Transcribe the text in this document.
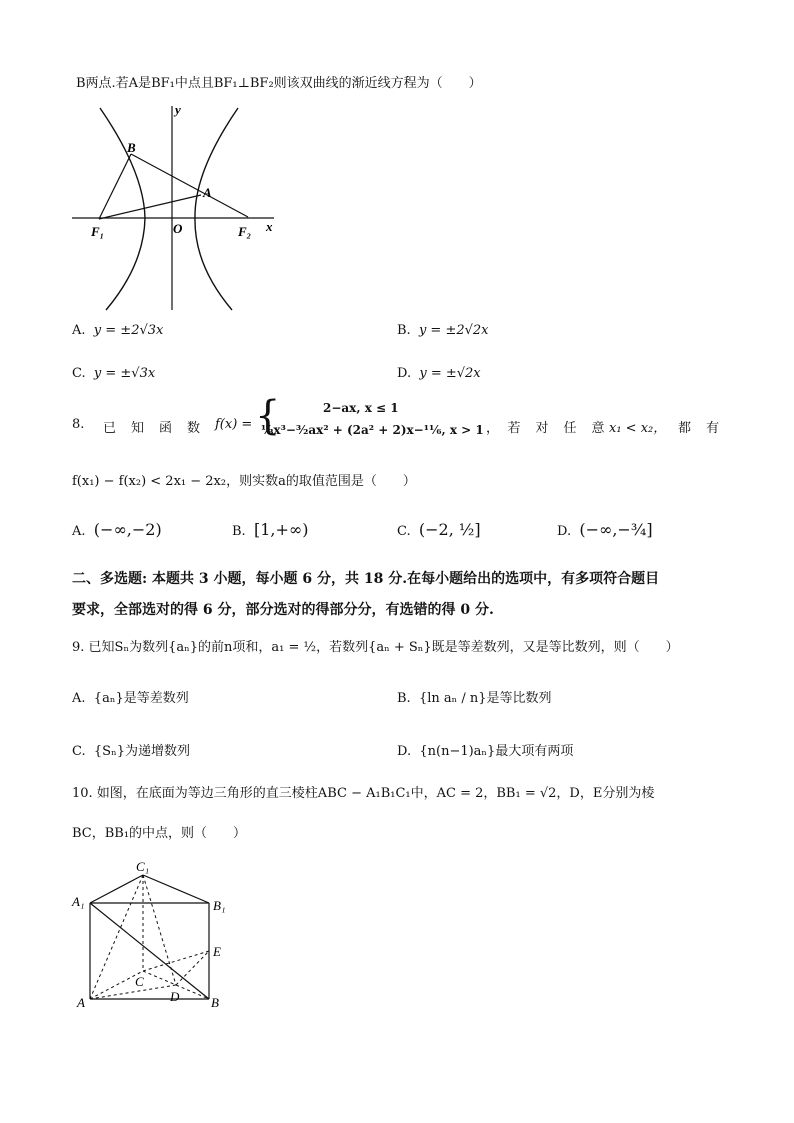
B两点.若A是BF₁中点且BF₁⊥BF₂则该双曲线的渐近线方程为（　　）
y
x
B
A
F₁	O	F₂
A. y = ±2√3x	B. y = ±2√2x
C. y = ±√3x	D. y = ±√2x
8. 已　知　函　数 f(x) = {	2−ax, x ≤ 1
⅓x³−³⁄₂ax² + (2a² + 2)x−¹¹⁄₆, x > 1 ，　若　对　任　意 x₁ < x₂， 都　有
f(x₁) − f(x₂) < 2x₁ − 2x₂，则实数a的取值范围是（　　）
A. (−∞,−2)	B. [1,+∞)	C. (−2, ½]	D. (−∞,−¾]
二、多选题: 本题共 3 小题，每小题 6 分，共 18 分.在每小题给出的选项中，有多项符合题目
要求，全部选对的得 6 分，部分选对的得部分分，有选错的得 0 分.
9. 已知Sₙ为数列{aₙ}的前n项和，a₁ = ½，若数列{aₙ + Sₙ}既是等差数列，又是等比数列，则（　　）
A. {aₙ}是等差数列	B. {ln aₙ / n}是等比数列
C. {Sₙ}为递增数列	D. {n(n−1)aₙ}最大项有两项
10. 如图，在底面为等边三角形的直三棱柱ABC − A₁B₁C₁中，AC = 2，BB₁ = √2，D，E分别为棱
BC，BB₁的中点，则（　　）
C₁
A₁	B₁
E
C
D
A	B
